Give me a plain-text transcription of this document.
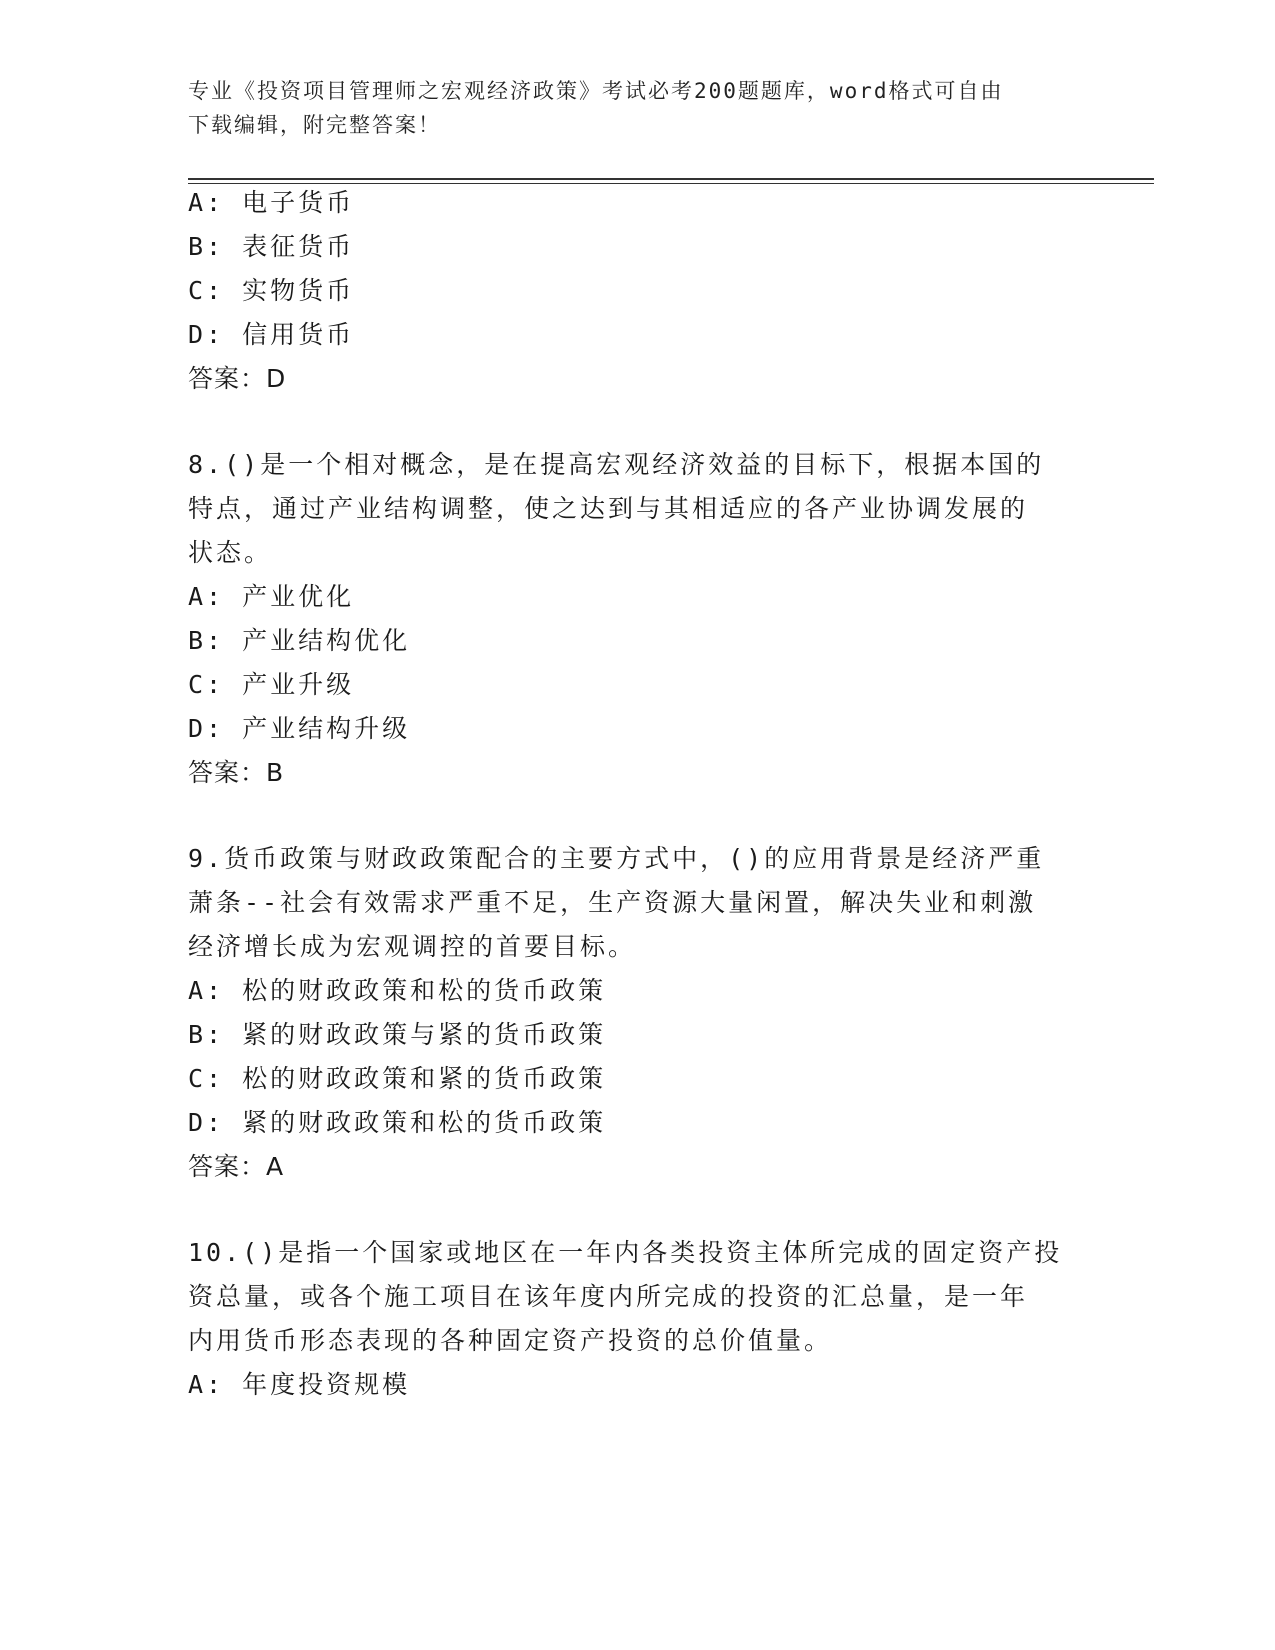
专业《投资项目管理师之宏观经济政策》考试必考200题题库，word格式可自由
下载编辑，附完整答案！
A: 电子货币
B: 表征货币
C: 实物货币
D: 信用货币
答案：D
8.()是一个相对概念，是在提高宏观经济效益的目标下，根据本国的
特点，通过产业结构调整，使之达到与其相适应的各产业协调发展的
状态。
A: 产业优化
B: 产业结构优化
C: 产业升级
D: 产业结构升级
答案：B
9.货币政策与财政政策配合的主要方式中，()的应用背景是经济严重
萧条--社会有效需求严重不足，生产资源大量闲置，解决失业和刺激
经济增长成为宏观调控的首要目标。
A: 松的财政政策和松的货币政策
B: 紧的财政政策与紧的货币政策
C: 松的财政政策和紧的货币政策
D: 紧的财政政策和松的货币政策
答案：A
10.()是指一个国家或地区在一年内各类投资主体所完成的固定资产投
资总量，或各个施工项目在该年度内所完成的投资的汇总量，是一年
内用货币形态表现的各种固定资产投资的总价值量。
A: 年度投资规模
